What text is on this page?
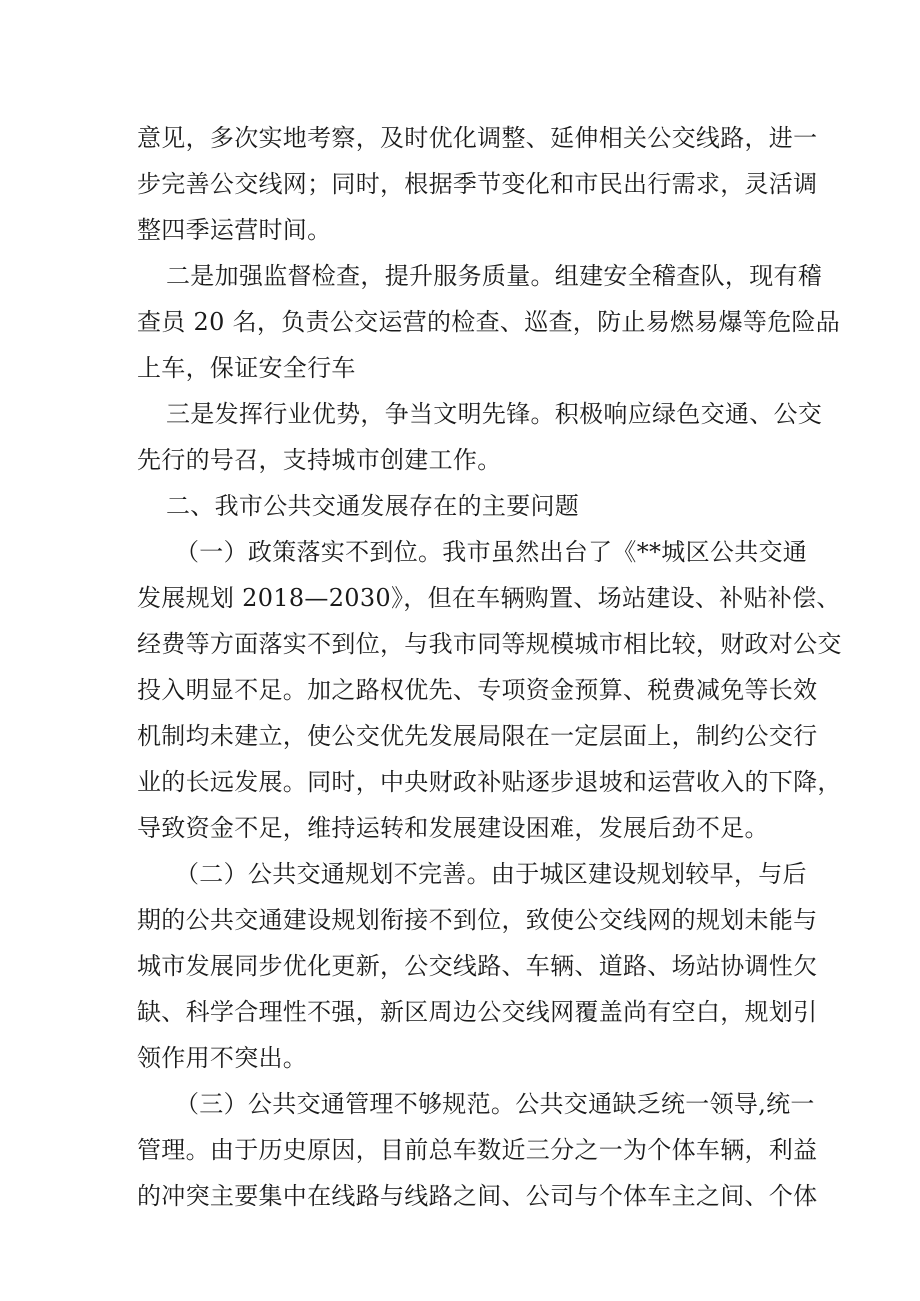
意见，多次实地考察，及时优化调整、延伸相关公交线路，进一

步完善公交线网；同时，根据季节变化和市民出行需求，灵活调

整四季运营时间。

二是加强监督检查，提升服务质量。组建安全稽查队，现有稽

查员 20 名，负责公交运营的检查、巡查，防止易燃易爆等危险品

上车，保证安全行车

三是发挥行业优势，争当文明先锋。积极响应绿色交通、公交

先行的号召，支持城市创建工作。

二、我市公共交通发展存在的主要问题

（一）政策落实不到位。我市虽然出台了《**城区公共交通

发展规划 2018—2030》，但在车辆购置、场站建设、补贴补偿、

经费等方面落实不到位，与我市同等规模城市相比较，财政对公交

投入明显不足。加之路权优先、专项资金预算、税费减免等长效

机制均未建立，使公交优先发展局限在一定层面上，制约公交行

业的长远发展。同时，中央财政补贴逐步退坡和运营收入的下降，

导致资金不足，维持运转和发展建设困难，发展后劲不足。

（二）公共交通规划不完善。由于城区建设规划较早，与后

期的公共交通建设规划衔接不到位，致使公交线网的规划未能与

城市发展同步优化更新，公交线路、车辆、道路、场站协调性欠

缺、科学合理性不强，新区周边公交线网覆盖尚有空白，规划引

领作用不突出。

（三）公共交通管理不够规范。公共交通缺乏统一领导,统一

管理。由于历史原因，目前总车数近三分之一为个体车辆，利益

的冲突主要集中在线路与线路之间、公司与个体车主之间、个体
